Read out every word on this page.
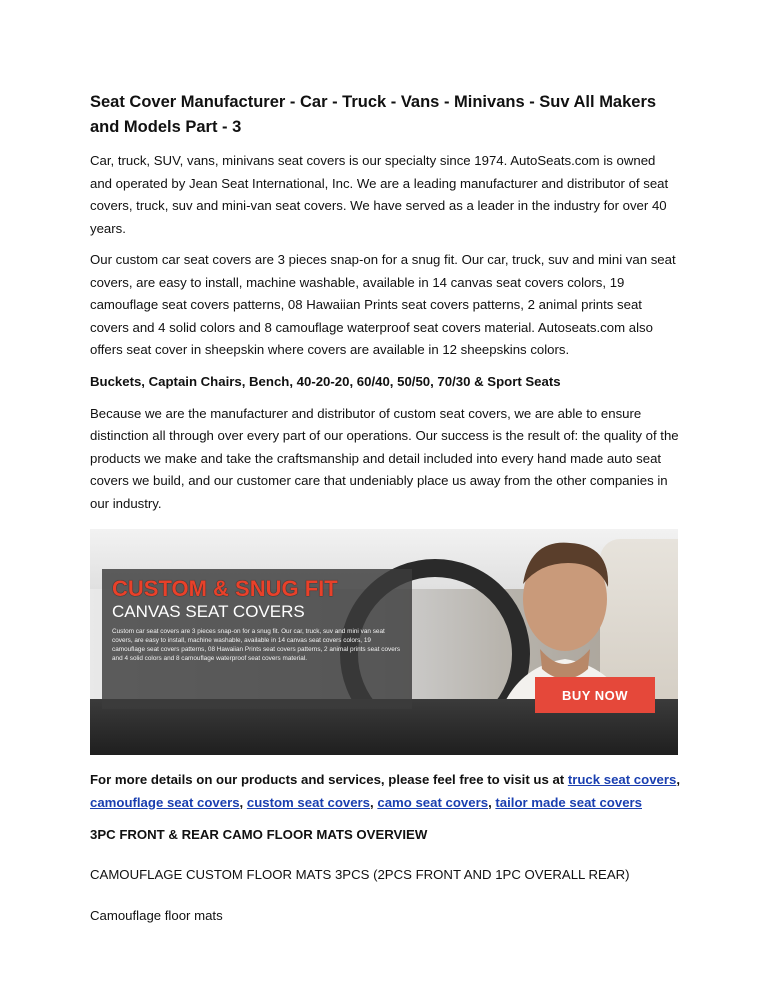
Seat Cover Manufacturer - Car - Truck - Vans - Minivans - Suv All Makers and Models Part - 3

Car, truck, SUV, vans, minivans seat covers is our specialty since 1974. AutoSeats.com is owned and operated by Jean Seat International, Inc. We are a leading manufacturer and distributor of seat covers, truck, suv and mini-van seat covers. We have served as a leader in the industry for over 40 years.

Our custom car seat covers are 3 pieces snap-on for a snug fit. Our car, truck, suv and mini van seat covers, are easy to install, machine washable, available in 14 canvas seat covers colors, 19 camouflage seat covers patterns, 08 Hawaiian Prints seat covers patterns, 2 animal prints seat covers and 4 solid colors and 8 camouflage waterproof seat covers material. Autoseats.com also offers seat cover in sheepskin where covers are available in 12 sheepskins colors.

Buckets, Captain Chairs, Bench, 40-20-20, 60/40, 50/50, 70/30 & Sport Seats

Because we are the manufacturer and distributor of custom seat covers, we are able to ensure distinction all through over every part of our operations. Our success is the result of: the quality of the products we make and take the craftsmanship and detail included into every hand made auto seat covers we build, and our customer care that undeniably place us away from the other companies in our industry.

CUSTOM & SNUG FIT
CANVAS SEAT COVERS
Custom car seat covers are 3 pieces snap-on for a snug fit. Our car, truck, suv and mini van seat covers, are easy to install, machine washable, available in 14 canvas seat covers colors, 19 camouflage seat covers patterns, 08 Hawaiian Prints seat covers patterns, 2 animal prints seat covers and 4 solid colors and 8 camouflage waterproof seat covers material.
BUY NOW

For more details on our products and services, please feel free to visit us at truck seat covers, camouflage seat covers, custom seat covers, camo seat covers, tailor made seat covers

3PC FRONT & REAR CAMO FLOOR MATS OVERVIEW

CAMOUFLAGE CUSTOM FLOOR MATS 3PCS (2PCS FRONT AND 1PC OVERALL REAR)

Camouflage floor mats
